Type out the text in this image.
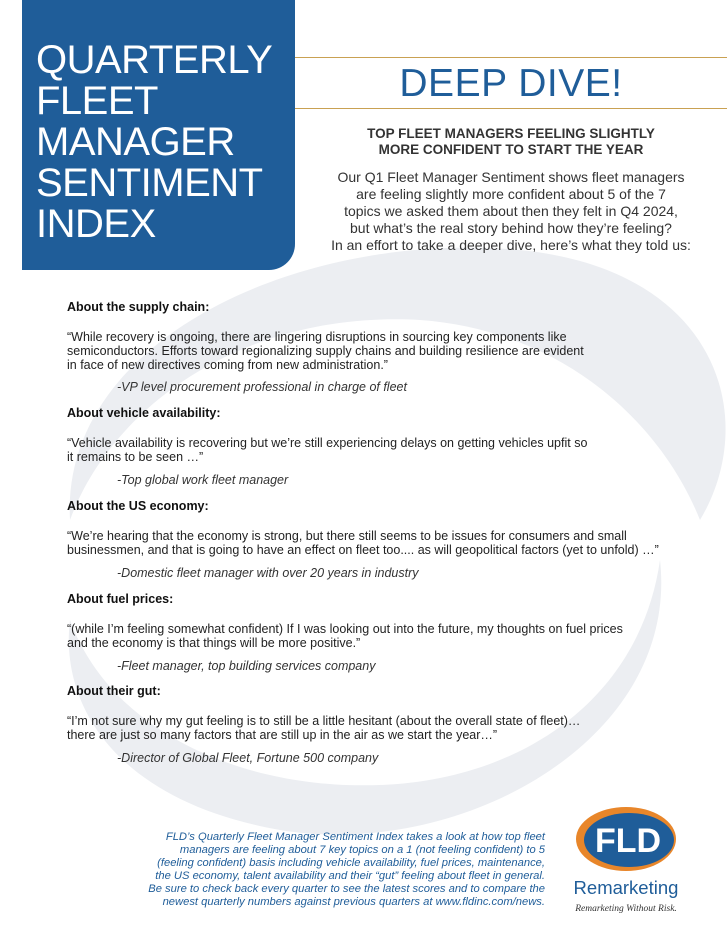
QUARTERLY
FLEET
MANAGER
SENTIMENT
INDEX
DEEP DIVE!
TOP FLEET MANAGERS FEELING SLIGHTLY
MORE CONFIDENT TO START THE YEAR
Our Q1 Fleet Manager Sentiment shows fleet managers
are feeling slightly more confident about 5 of the 7
topics we asked them about then they felt in Q4 2024,
but what’s the real story behind how they’re feeling?
In an effort to take a deeper dive, here’s what they told us:
About the supply chain:
“While recovery is ongoing, there are lingering disruptions in sourcing key components like
semiconductors. Efforts toward regionalizing supply chains and building resilience are evident
in face of new directives coming from new administration.”
-VP level procurement professional in charge of fleet
About vehicle availability:
“Vehicle availability is recovering but we’re still experiencing delays on getting vehicles upfit so
it remains to be seen …”
-Top global work fleet manager
About the US economy:
“We’re hearing that the economy is strong, but there still seems to be issues for consumers and small
businessmen, and that is going to have an effect on fleet too.... as will geopolitical factors (yet to unfold) …”
-Domestic fleet manager with over 20 years in industry
About fuel prices:
“(while I’m feeling somewhat confident) If I was looking out into the future, my thoughts on fuel prices
and the economy is that things will be more positive.”
-Fleet manager, top building services company
About their gut:
“I’m not sure why my gut feeling is to still be a little hesitant (about the overall state of fleet)…
there are just so many factors that are still up in the air as we start the year…”
-Director of Global Fleet, Fortune 500 company
FLD’s Quarterly Fleet Manager Sentiment Index takes a look at how top fleet
managers are feeling about 7 key topics on a 1 (not feeling confident) to 5
(feeling confident) basis including vehicle availability, fuel prices, maintenance,
the US economy, talent availability and their “gut” feeling about fleet in general.
Be sure to check back every quarter to see the latest scores and to compare the
newest quarterly numbers against previous quarters at www.fldinc.com/news.
FLD
Remarketing
Remarketing Without Risk.
